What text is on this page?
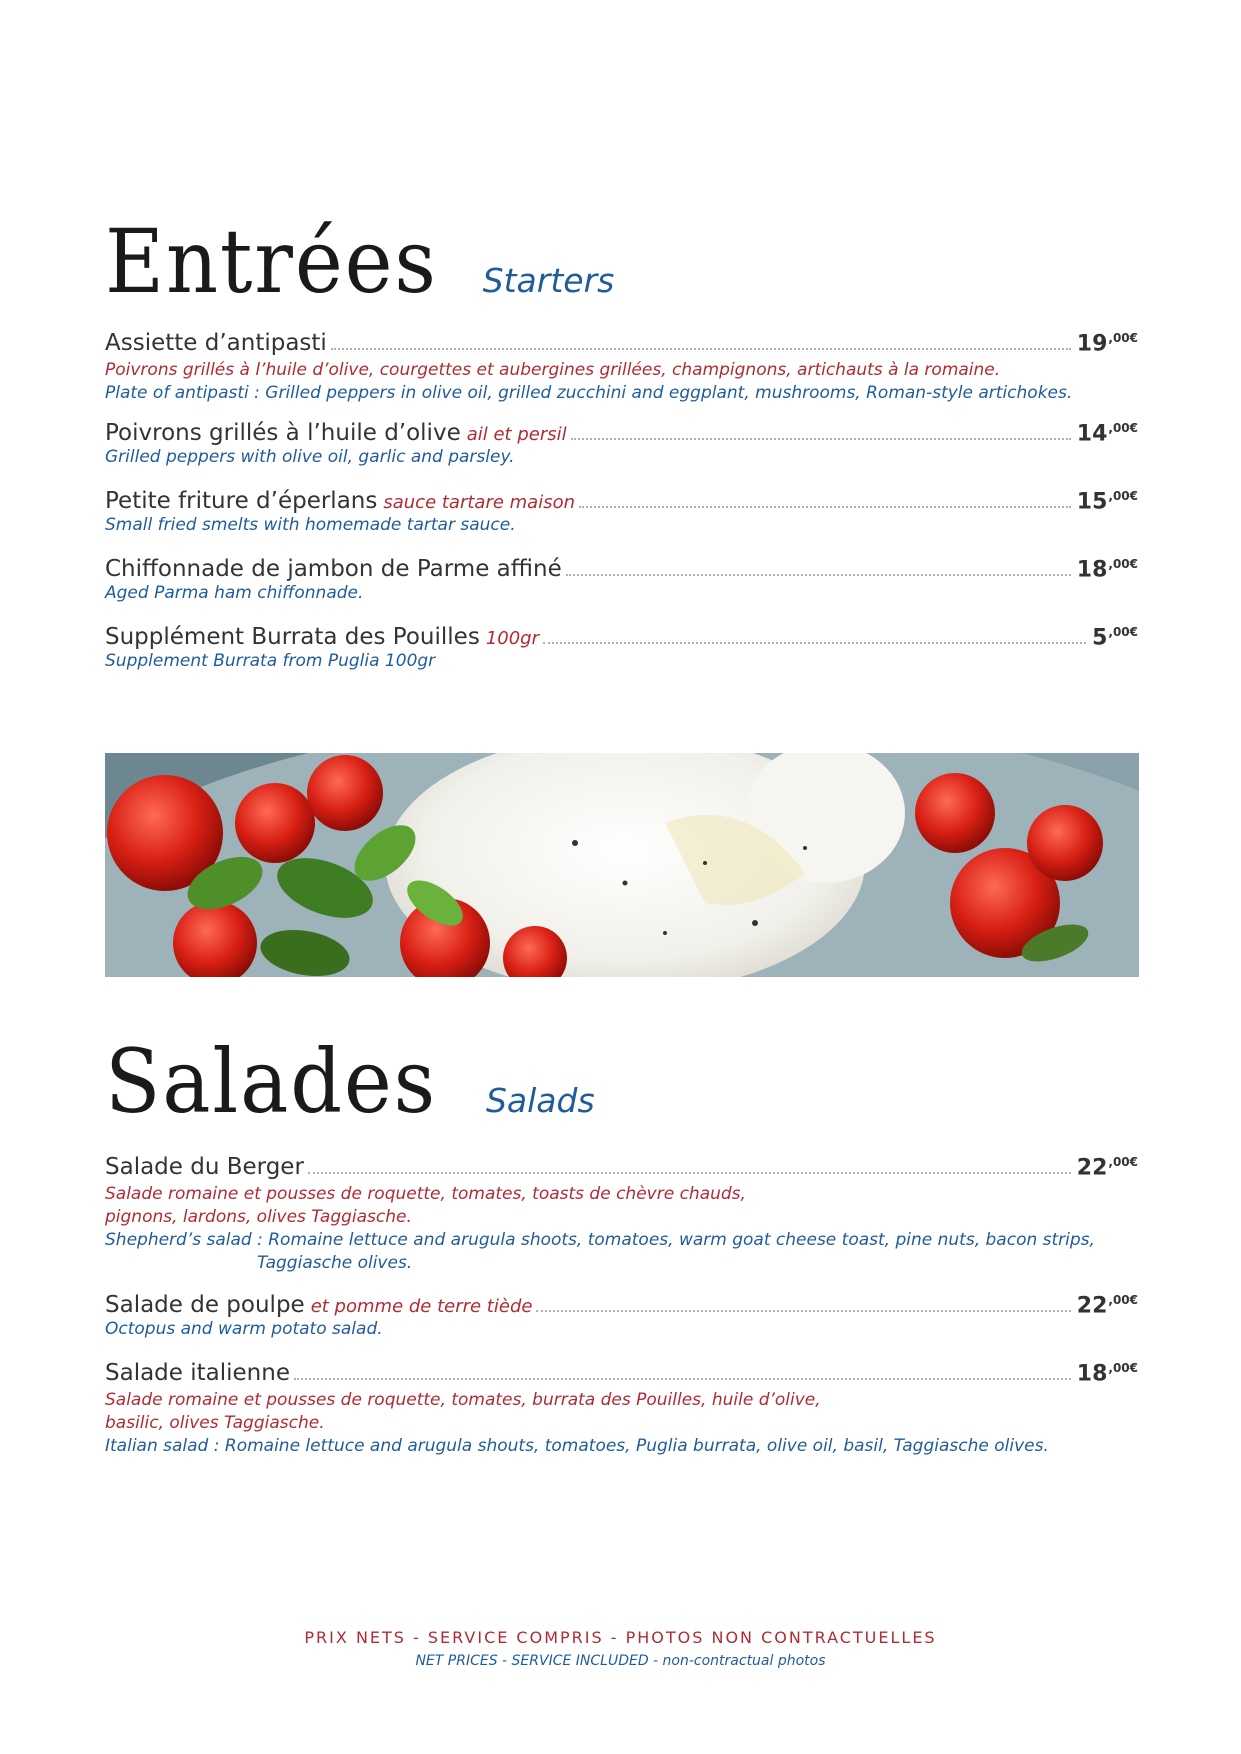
Entrées Starters
Assiette d’antipasti	$19^{,00€}$
Poivrons grillés à l’huile d’olive, courgettes et aubergines grillées, champignons, artichauts à la romaine.
Plate of antipasti : Grilled peppers in olive oil, grilled zucchini and eggplant, mushrooms, Roman-style artichokes.
Poivrons grillés à l’huile d’olive ail et persil	$14^{,00€}$
Grilled peppers with olive oil, garlic and parsley.
Petite friture d’éperlans sauce tartare maison	$15^{,00€}$
Small fried smelts with homemade tartar sauce.
Chiffonnade de jambon de Parme affiné	$18^{,00€}$
Aged Parma ham chiffonnade.
Supplément Burrata des Pouilles 100gr	$5^{,00€}$
Supplement Burrata from Puglia 100gr
Salades Salads
Salade du Berger	$22^{,00€}$
Salade romaine et pousses de roquette, tomates, toasts de chèvre chauds,
pignons, lardons, olives Taggiasche.
Shepherd’s salad : Romaine lettuce and arugula shoots, tomatoes, warm goat cheese toast, pine nuts, bacon strips,
Taggiasche olives.
Salade de poulpe et pomme de terre tiède	$22^{,00€}$
Octopus and warm potato salad.
Salade italienne	$18^{,00€}$
Salade romaine et pousses de roquette, tomates, burrata des Pouilles, huile d’olive,
basilic, olives Taggiasche.
Italian salad : Romaine lettuce and arugula shouts, tomatoes, Puglia burrata, olive oil, basil, Taggiasche olives.
PRIX NETS - SERVICE COMPRIS - PHOTOS NON CONTRACTUELLES
NET PRICES - SERVICE INCLUDED - non-contractual photos
